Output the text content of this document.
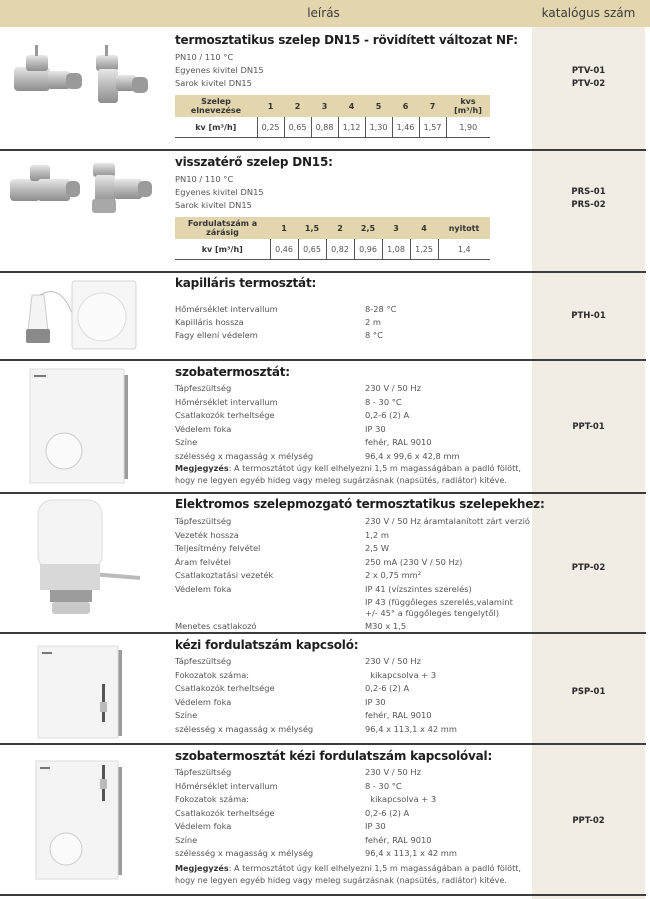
leírás	katalógus szám
termosztatikus szelep DN15 - rövidített változat NF:
PN10 / 110 °C
Egyenes kivitel DN15
Sarok kivitel DN15
Szelep elnevezése	1	2	3	4	5	6	7	kvs [m³/h]
kv [m³/h]	0,25	0,65	0,88	1,12	1,30	1,46	1,57	1,90
PTV-01
PTV-02
visszatérő szelep DN15:
PN10 / 110 °C
Egyenes kivitel DN15
Sarok kivitel DN15
Fordulatszám a zárásig	1	1,5	2	2,5	3	4	nyitott
kv [m³/h]	0,46	0,65	0,82	0,96	1,08	1,25	1,4
PRS-01
PRS-02
kapilláris termosztát:
Hőmérséklet intervallum	8-28 °C
Kapilláris hossza	2 m
Fagy elleni védelem	8 °C
PTH-01
szobatermosztát:
Tápfeszültség	230 V / 50 Hz
Hőmérséklet intervallum	8 - 30 °C
Csatlakozók terheltsége	0,2-6 (2) A
Védelem foka	IP 30
Színe	fehér, RAL 9010
szélesség x magasság x mélység	96,4 x 99,6 x 42,8 mm
Megjegyzés: A termosztátot úgy kell elhelyezni 1,5 m magasságában a padló fölött,
hogy ne legyen egyéb hideg vagy meleg sugárzásnak (napsütés, radiátor) kitéve.
PPT-01
Elektromos szelepmozgató termosztatikus szelepekhez:
Tápfeszültség	230 V / 50 Hz áramtalanított zárt verzió
Vezeték hossza	1,2 m
Teljesítmény felvétel	2,5 W
Áram felvétel	250 mA (230 V / 50 Hz)
Csatlakoztatási vezeték	2 x 0,75 mm²
Védelem foka	IP 41 (vízszintes szerelés)
IP 43 (függőleges szerelés,valamint
+/- 45° a függőleges tengelytől)
Menetes csatlakozó	M30 x 1,5
PTP-02
kézi fordulatszám kapcsoló:
Tápfeszültség	230 V / 50 Hz
Fokozatok száma:	kikapcsolva + 3
Csatlakozók terheltsége	0,2-6 (2) A
Védelem foka	IP 30
Színe	fehér, RAL 9010
szélesség x magasság x mélység	96,4 x 113,1 x 42 mm
PSP-01
szobatermosztát kézi fordulatszám kapcsolóval:
Tápfeszültség	230 V / 50 Hz
Hőmérséklet intervallum	8 - 30 °C
Fokozatok száma:	kikapcsolva + 3
Csatlakozók terheltsége	0,2-6 (2) A
Védelem foka	IP 30
Színe	fehér, RAL 9010
szélesség x magasság x mélység	96,4 x 113,1 x 42 mm
Megjegyzés: A termosztátot úgy kell elhelyezni 1,5 m magasságában a padló fölött,
hogy ne legyen egyéb hideg vagy meleg sugárzásnak (napsütés, radiátor) kitéve.
PPT-02
